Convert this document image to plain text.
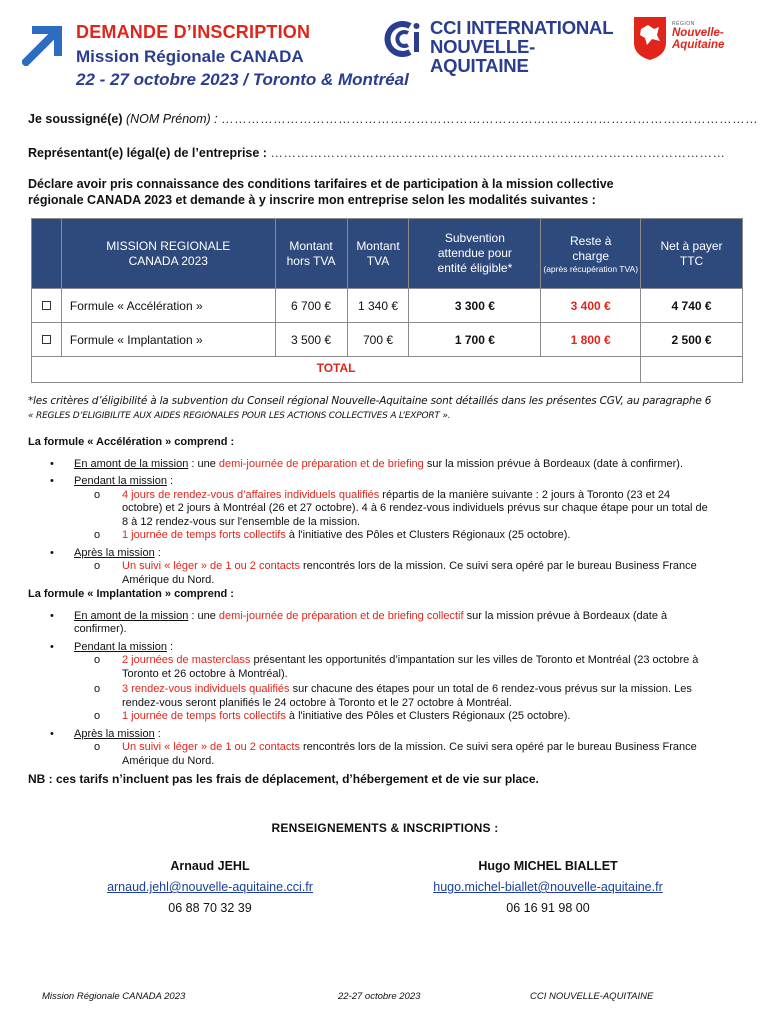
DEMANDE D’INSCRIPTION
Mission Régionale CANADA
22 - 27 octobre 2023 / Toronto & Montréal
CCI INTERNATIONAL
NOUVELLE-AQUITAINE
RÉGION
Nouvelle-
Aquitaine
Je soussigné(e) (NOM Prénom) : …………………………………………………………………………………………….………………
Représentant(e) légal(e) de l’entreprise : ……………………………………………………………………………………………
Déclare avoir pris connaissance des conditions tarifaires et de participation à la mission collective
régionale CANADA 2023 et demande à y inscrire mon entreprise selon les modalités suivantes :
	MISSION REGIONALE CANADA 2023	Montant hors TVA	Montant TVA	Subvention attendue pour entité éligible*	Reste à charge
(après récupération TVA)	Net à payer TTC
	Formule « Accélération »	6 700 €	1 340 €	3 300 €	3 400 €	4 740 €
	Formule « Implantation »	3 500 €	700 €	1 700 €	1 800 €	2 500 €
TOTAL						
*les critères d’éligibilité à la subvention du Conseil régional Nouvelle-Aquitaine sont détaillés dans les présentes CGV, au paragraphe 6
« REGLES D’ELIGIBILITE AUX AIDES REGIONALES POUR LES ACTIONS COLLECTIVES A L’EXPORT ».
La formule « Accélération » comprend :
• En amont de la mission : une demi-journée de préparation et de briefing sur la mission prévue à Bordeaux (date à confirmer).
• Pendant la mission :
o 4 jours de rendez-vous d’affaires individuels qualifiés répartis de la manière suivante : 2 jours à Toronto (23 et 24
octobre) et 2 jours à Montréal (26 et 27 octobre). 4 à 6 rendez-vous individuels prévus sur chaque étape pour un total de
8 à 12 rendez-vous sur l'ensemble de la mission.
o 1 journée de temps forts collectifs à l'initiative des Pôles et Clusters Régionaux (25 octobre).
• Après la mission :
o Un suivi « léger » de 1 ou 2 contacts rencontrés lors de la mission. Ce suivi sera opéré par le bureau Business France
Amérique du Nord.
La formule « Implantation » comprend :
• En amont de la mission : une demi-journée de préparation et de briefing collectif sur la mission prévue à Bordeaux (date à
confirmer).
• Pendant la mission :
o 2 journées de masterclass présentant les opportunités d’impantation sur les villes de Toronto et Montréal (23 octobre à
Toronto et 26 octobre à Montréal).
o 3 rendez-vous individuels qualifiés sur chacune des étapes pour un total de 6 rendez-vous prévus sur la mission. Les
rendez-vous seront planifiés le 24 octobre à Toronto et le 27 octobre à Montréal.
o 1 journée de temps forts collectifs à l'initiative des Pôles et Clusters Régionaux (25 octobre).
• Après la mission :
o Un suivi « léger » de 1 ou 2 contacts rencontrés lors de la mission. Ce suivi sera opéré par le bureau Business France
Amérique du Nord.
NB : ces tarifs n’incluent pas les frais de déplacement, d’hébergement et de vie sur place.
RENSEIGNEMENTS & INSCRIPTIONS :
Arnaud JEHL
arnaud.jehl@nouvelle-aquitaine.cci.fr
06 88 70 32 39
Hugo MICHEL BIALLET
hugo.michel-biallet@nouvelle-aquitaine.fr
06 16 91 98 00
Mission Régionale CANADA 2023	22-27 octobre 2023	CCI NOUVELLE-AQUITAINE
